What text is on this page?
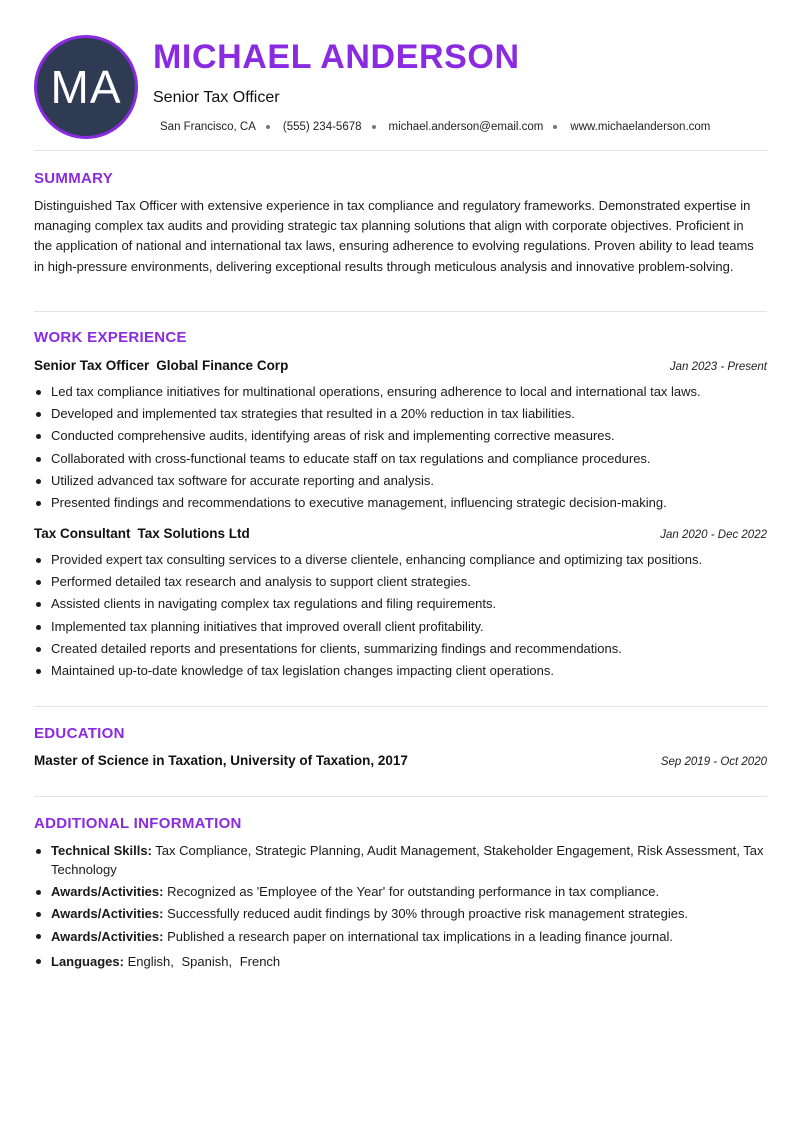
MA
MICHAEL ANDERSON
Senior Tax Officer
San Francisco, CA (555) 234-5678 michael.anderson@email.com www.michaelanderson.com
SUMMARY
Distinguished Tax Officer with extensive experience in tax compliance and regulatory frameworks. Demonstrated expertise in managing complex tax audits and providing strategic tax planning solutions that align with corporate objectives. Proficient in the application of national and international tax laws, ensuring adherence to evolving regulations. Proven ability to lead teams in high-pressure environments, delivering exceptional results through meticulous analysis and innovative problem-solving.
WORK EXPERIENCE
Senior Tax Officer Global Finance Corp	Jan 2023 - Present
Led tax compliance initiatives for multinational operations, ensuring adherence to local and international tax laws.
Developed and implemented tax strategies that resulted in a 20% reduction in tax liabilities.
Conducted comprehensive audits, identifying areas of risk and implementing corrective measures.
Collaborated with cross-functional teams to educate staff on tax regulations and compliance procedures.
Utilized advanced tax software for accurate reporting and analysis.
Presented findings and recommendations to executive management, influencing strategic decision-making.
Tax Consultant Tax Solutions Ltd	Jan 2020 - Dec 2022
Provided expert tax consulting services to a diverse clientele, enhancing compliance and optimizing tax positions.
Performed detailed tax research and analysis to support client strategies.
Assisted clients in navigating complex tax regulations and filing requirements.
Implemented tax planning initiatives that improved overall client profitability.
Created detailed reports and presentations for clients, summarizing findings and recommendations.
Maintained up-to-date knowledge of tax legislation changes impacting client operations.
EDUCATION
Master of Science in Taxation, University of Taxation, 2017	Sep 2019 - Oct 2020
ADDITIONAL INFORMATION
Technical Skills: Tax Compliance, Strategic Planning, Audit Management, Stakeholder Engagement, Risk Assessment, Tax Technology
Awards/Activities: Recognized as 'Employee of the Year' for outstanding performance in tax compliance.
Awards/Activities: Successfully reduced audit findings by 30% through proactive risk management strategies.
Awards/Activities: Published a research paper on international tax implications in a leading finance journal.
Languages: English, Spanish, French
